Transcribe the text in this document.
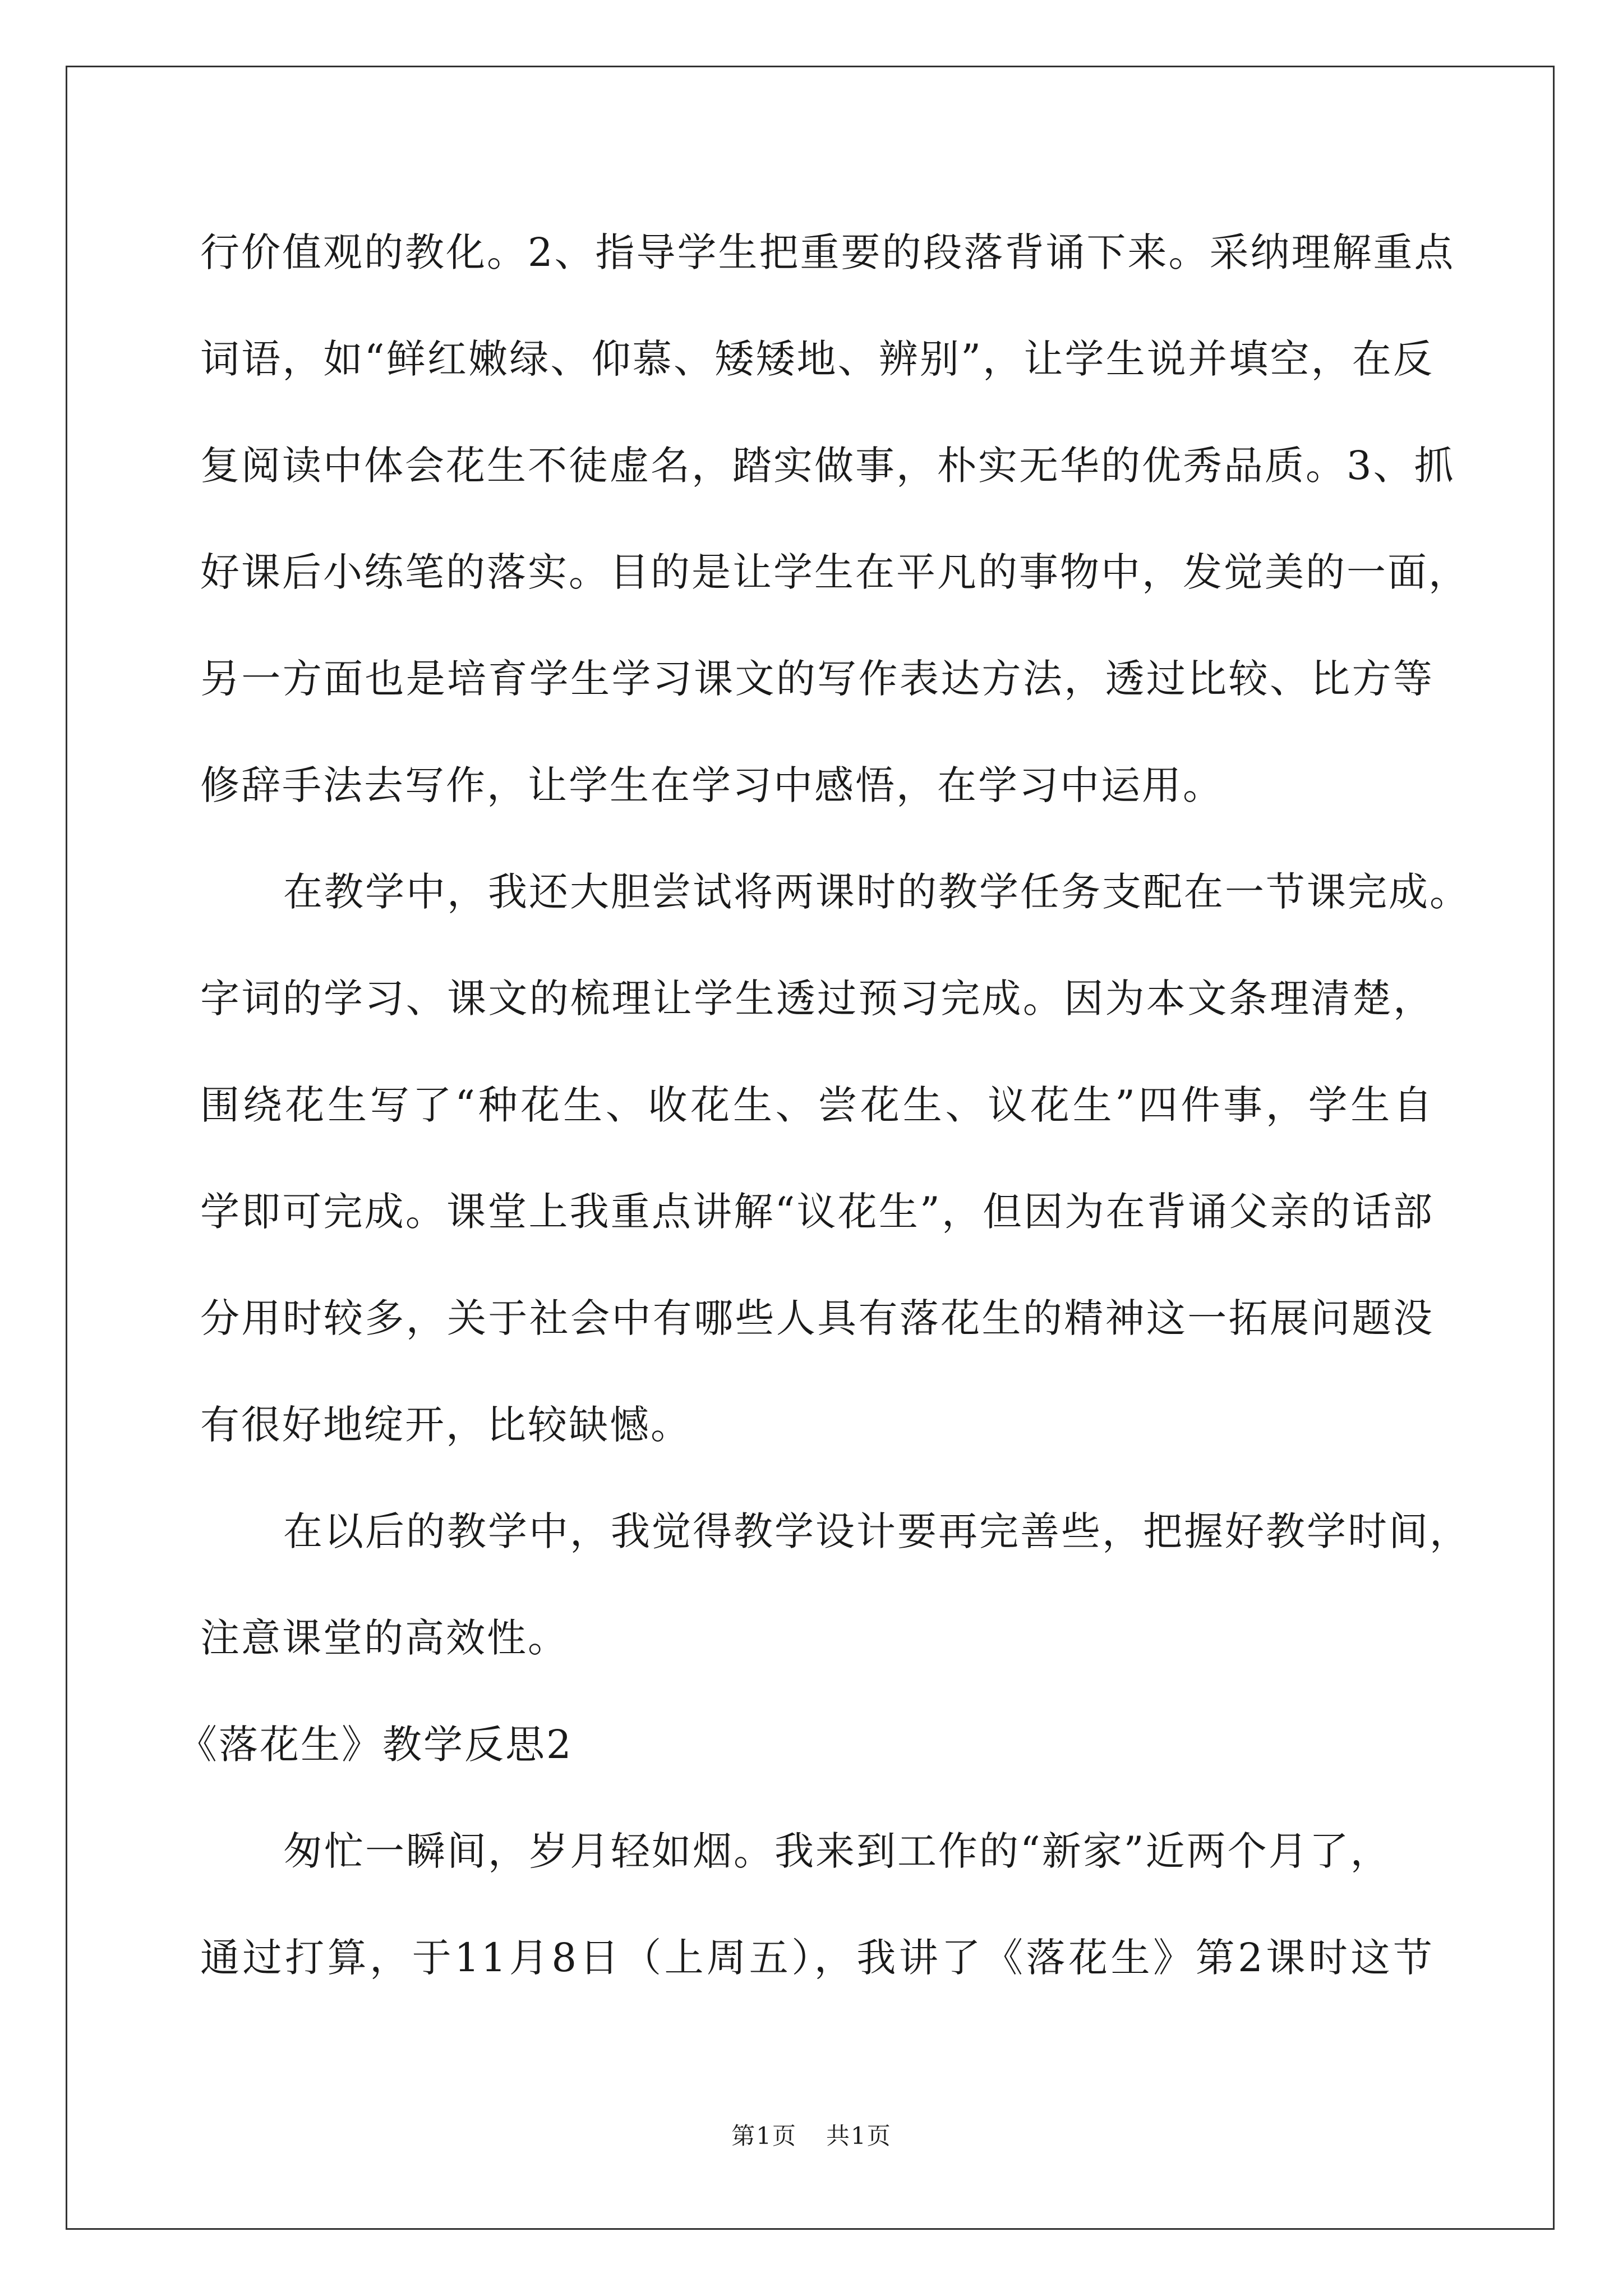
行价值观的教化。2、指导学生把重要的段落背诵下来。采纳理解重点
词语，如“鲜红嫩绿、仰慕、矮矮地、辨别”，让学生说并填空，在反
复阅读中体会花生不徒虚名，踏实做事，朴实无华的优秀品质。3、抓
好课后小练笔的落实。目的是让学生在平凡的事物中，发觉美的一面，
另一方面也是培育学生学习课文的写作表达方法，透过比较、比方等
修辞手法去写作，让学生在学习中感悟，在学习中运用。
在教学中，我还大胆尝试将两课时的教学任务支配在一节课完成。
字词的学习、课文的梳理让学生透过预习完成。因为本文条理清楚，
围绕花生写了“种花生、收花生、尝花生、议花生”四件事，学生自
学即可完成。课堂上我重点讲解“议花生”，但因为在背诵父亲的话部
分用时较多，关于社会中有哪些人具有落花生的精神这一拓展问题没
有很好地绽开，比较缺憾。
在以后的教学中，我觉得教学设计要再完善些，把握好教学时间，
注意课堂的高效性。
《落花生》教学反思2
匆忙一瞬间，岁月轻如烟。我来到工作的“新家”近两个月了，
通过打算，于11月8日（上周五），我讲了《落花生》第2课时这节
第1页 共1页
